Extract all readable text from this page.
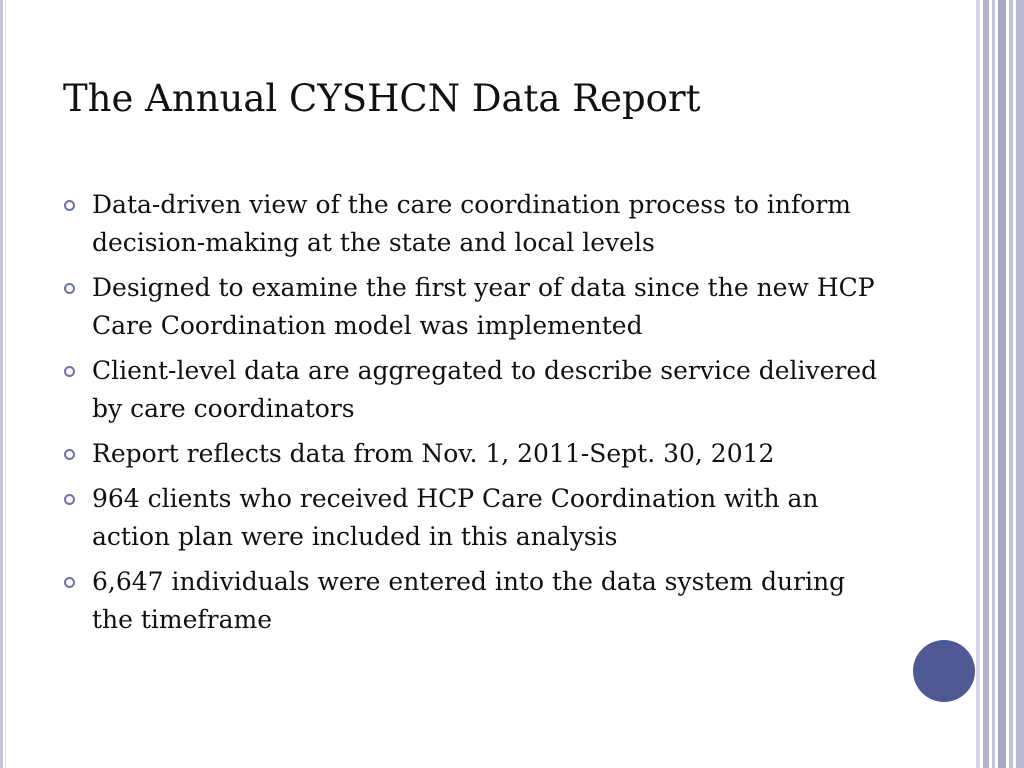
The Annual CYSHCN Data Report
Data-driven view of the care coordination process to inform decision-making at the state and local levels
Designed to examine the first year of data since the new HCP Care Coordination model was implemented
Client-level data are aggregated to describe service delivered by care coordinators
Report reflects data from Nov. 1, 2011-Sept. 30, 2012
964 clients who received HCP Care Coordination with an action plan were included in this analysis
6,647 individuals were entered into the data system during the timeframe
